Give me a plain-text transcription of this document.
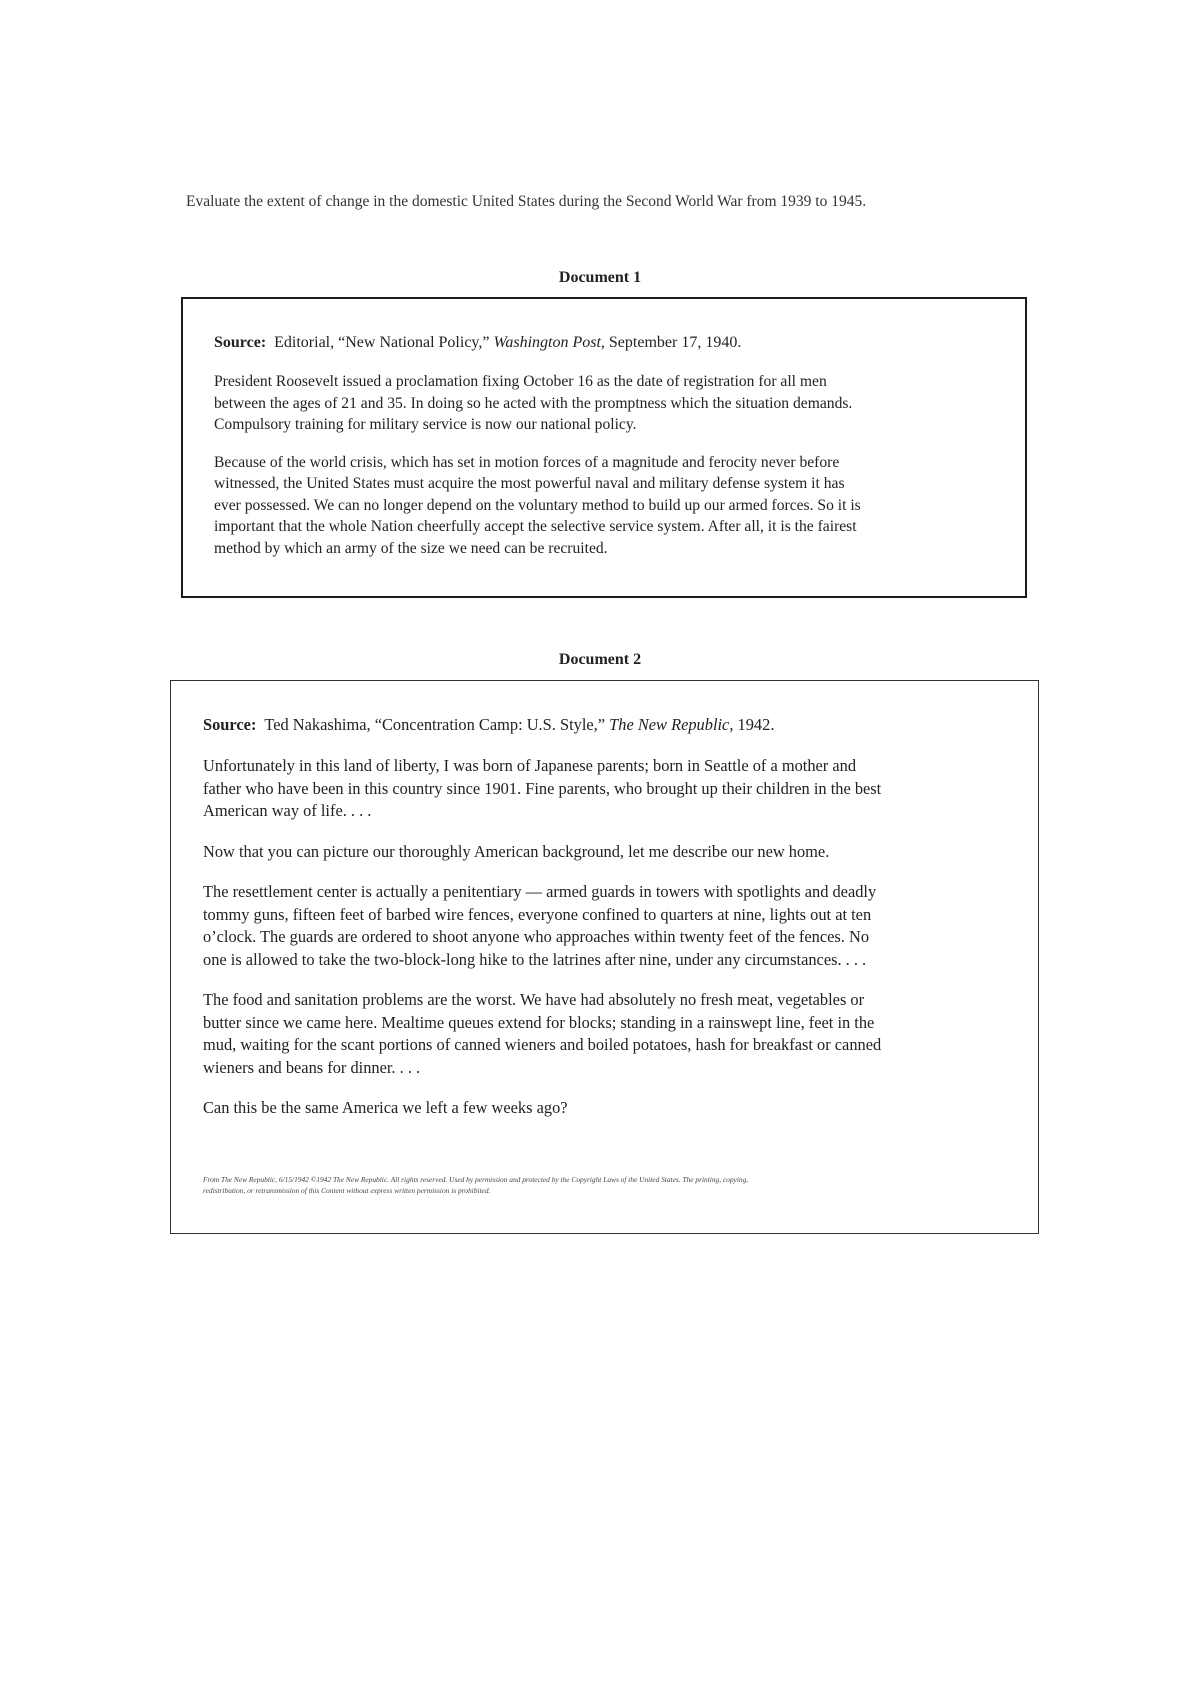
Evaluate the extent of change in the domestic United States during the Second World War from 1939 to 1945.
Document 1

Source: Editorial, “New National Policy,” Washington Post, September 17, 1940.

President Roosevelt issued a proclamation fixing October 16 as the date of registration for all men
between the ages of 21 and 35. In doing so he acted with the promptness which the situation demands.
Compulsory training for military service is now our national policy.

Because of the world crisis, which has set in motion forces of a magnitude and ferocity never before
witnessed, the United States must acquire the most powerful naval and military defense system it has
ever possessed. We can no longer depend on the voluntary method to build up our armed forces. So it is
important that the whole Nation cheerfully accept the selective service system. After all, it is the fairest
method by which an army of the size we need can be recruited.

Document 2

Source: Ted Nakashima, “Concentration Camp: U.S. Style,” The New Republic, 1942.

Unfortunately in this land of liberty, I was born of Japanese parents; born in Seattle of a mother and
father who have been in this country since 1901. Fine parents, who brought up their children in the best
American way of life. . . .

Now that you can picture our thoroughly American background, let me describe our new home.

The resettlement center is actually a penitentiary — armed guards in towers with spotlights and deadly
tommy guns, fifteen feet of barbed wire fences, everyone confined to quarters at nine, lights out at ten
o’clock. The guards are ordered to shoot anyone who approaches within twenty feet of the fences. No
one is allowed to take the two-block-long hike to the latrines after nine, under any circumstances. . . .

The food and sanitation problems are the worst. We have had absolutely no fresh meat, vegetables or
butter since we came here. Mealtime queues extend for blocks; standing in a rainswept line, feet in the
mud, waiting for the scant portions of canned wieners and boiled potatoes, hash for breakfast or canned
wieners and beans for dinner. . . .

Can this be the same America we left a few weeks ago?

From The New Republic, 6/15/1942 ©1942 The New Republic. All rights reserved. Used by permission and protected by the Copyright Laws of the United States. The printing, copying,
redistribution, or retransmission of this Content without express written permission is prohibited.
